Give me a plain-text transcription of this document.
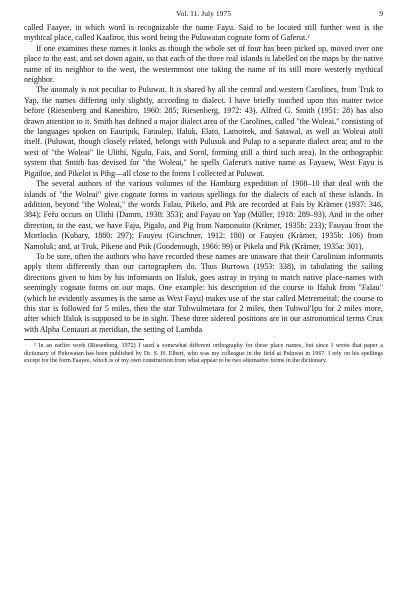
Vol. 11. July 1975	9

called Faayee, in which word is recognizable the name Fayu. Said to be located still further west is the mythical place, called Kaafiror, this word being the Puluwatan cognate form of Gaferut.²

If one examines these names it looks as though the whole set of four has been picked up, moved over one place to the east, and set down again, so that each of the three real islands is labelled on the maps by the native name of its neighbor to the west, the westernmost one taking the name of its still more westerly mythical neighbor.

The anomaly is not peculiar to Puluwat. It is shared by all the central and western Carolines, from Truk to Yap, the names differing only slightly, according to dialect. I have briefly touched upon this matter twice before (Riesenberg and Kaneshiro, 1960: 285; Riesenberg, 1972: 43). Alfred G. Smith (1951: 28) has also drawn attention to it. Smith has defined a major dialect area of the Carolines, called "the Woleai," consisting of the languages spoken on Eauripik, Faraulep, Ifaluk, Elato, Lamotrek, and Satawal, as well as Woleai atoll itself. (Puluwat, though closely related, belongs with Pulusuk and Pulap to a separate dialect area; and to the west of "the Woleai" lie Ulithi, Ngulu, Fais, and Sorol, forming still a third such area). In the orthographic system that Smith has devised for "the Woleai," he spells Gaferut's native name as Fayaew, West Fayu is Pigailoe, and Pikelot is Pihg—all close to the forms I collected at Puluwat.

The several authors of the various volumes of the Hamburg expedition of 1908–10 that deal with the islands of "the Woleai" give cognate forms in various spellings for the dialects of each of these islands. In addition, beyond "the Woleai," the words Falau, Pikelo, and Pik are recorded at Fais by Krämer (1937: 346, 384); Fefu occurs on Ulithi (Damm, 1938: 353); and Fayau on Yap (Müller, 1918: 289–93). And in the other direction, to the east, we have Faju, Pigalo, and Pig from Namonuito (Krämer, 1935b: 233); Fauyau from the Mortlocks (Kubary, 1880: 297); Fauyeu (Girschner, 1912: 180) or Fauyeu (Krämer, 1935b: 106) from Namoluk; and, at Truk, Pikene and Piik (Goodenough, 1966: 99) or Pikela and Pik (Krämer, 1935a: 301).

To be sure, often the authors who have recorded these names are unaware that their Carolinian informants apply them differently than our cartographers do. Thus Burrows (1953: 338), in tabulating the sailing directions given to him by his informants on Ifaluk, goes astray in trying to match native place-names with seemingly cognate forms on our maps. One example: his description of the course to Ifaluk from "Falau" (which he evidently assumes is the same as West Fayu) makes use of the star called Metremeital; the course to this star is followed for 5 miles, then the star Tubwulmetara for 2 miles, then Tubwul'Ipu for 2 miles more, after which Ifaluk is supposed to be in sight. These three sidereal positions are in our astronomical terms Crux with Alpha Centauri at meridian, the setting of Lambda

² In an earlier work (Riesenberg, 1972) I used a somewhat different orthography for these place names, but since I wrote that paper a dictionary of Puluwatan has been published by Dr. S. H. Elbert, who was my colleague in the field at Puluwat in 1967. I rely on his spellings except for the form Faayee, which is of my own construction from what appear to be two alternative forms in the dictionary.
